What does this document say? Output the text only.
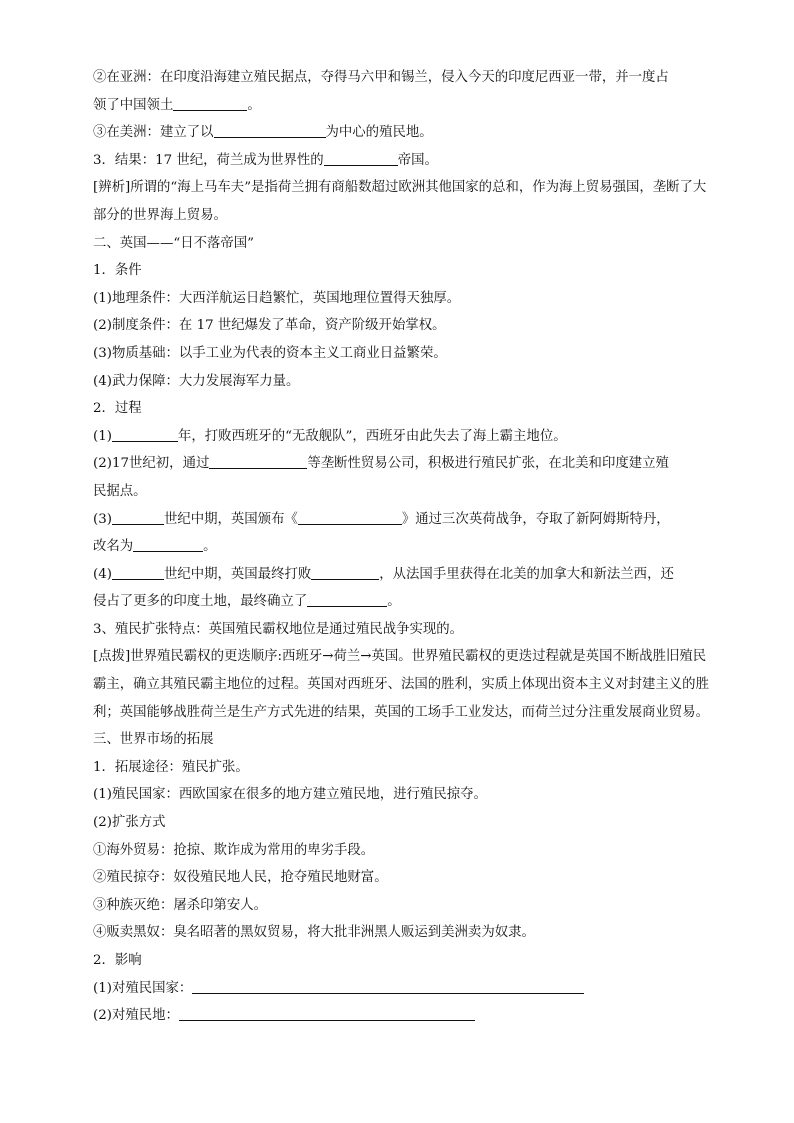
②在亚洲：在印度沿海建立殖民据点，夺得马六甲和锡兰，侵入今天的印度尼西亚一带，并一度占
领了中国领土	。
③在美洲：建立了以	为中心的殖民地。
3．结果：17 世纪，荷兰成为世界性的	帝国。
[辨析]所谓的“海上马车夫”是指荷兰拥有商船数超过欧洲其他国家的总和，作为海上贸易强国，垄断了大部分的世界海上贸易。
二、英国——“日不落帝国”
1．条件
(1)地理条件：大西洋航运日趋繁忙，英国地理位置得天独厚。
(2)制度条件：在 17 世纪爆发了革命，资产阶级开始掌权。
(3)物质基础：以手工业为代表的资本主义工商业日益繁荣。
(4)武力保障：大力发展海军力量。
2．过程
(1)	年，打败西班牙的“无敌舰队”，西班牙由此失去了海上霸主地位。
(2)17世纪初，通过	等垄断性贸易公司，积极进行殖民扩张，在北美和印度建立殖
民据点。
(3)	世纪中期，英国颁布《	》通过三次英荷战争，夺取了新阿姆斯特丹，
改名为	。
(4)	世纪中期，英国最终打败	，从法国手里获得在北美的加拿大和新法兰西，还
侵占了更多的印度土地，最终确立了	。
3、殖民扩张特点：英国殖民霸权地位是通过殖民战争实现的。
[点拨]世界殖民霸权的更迭顺序:西班牙→荷兰→英国。世界殖民霸权的更迭过程就是英国不断战胜旧殖民霸主，确立其殖民霸主地位的过程。英国对西班牙、法国的胜利，实质上体现出资本主义对封建主义的胜利；英国能够战胜荷兰是生产方式先进的结果，英国的工场手工业发达，而荷兰过分注重发展商业贸易。
三、世界市场的拓展
1．拓展途径：殖民扩张。
(1)殖民国家：西欧国家在很多的地方建立殖民地，进行殖民掠夺。
(2)扩张方式
①海外贸易：抢掠、欺诈成为常用的卑劣手段。
②殖民掠夺：奴役殖民地人民，抢夺殖民地财富。
③种族灭绝：屠杀印第安人。
④贩卖黑奴：臭名昭著的黑奴贸易，将大批非洲黑人贩运到美洲卖为奴隶。
2．影响
(1)对殖民国家：
(2)对殖民地：
